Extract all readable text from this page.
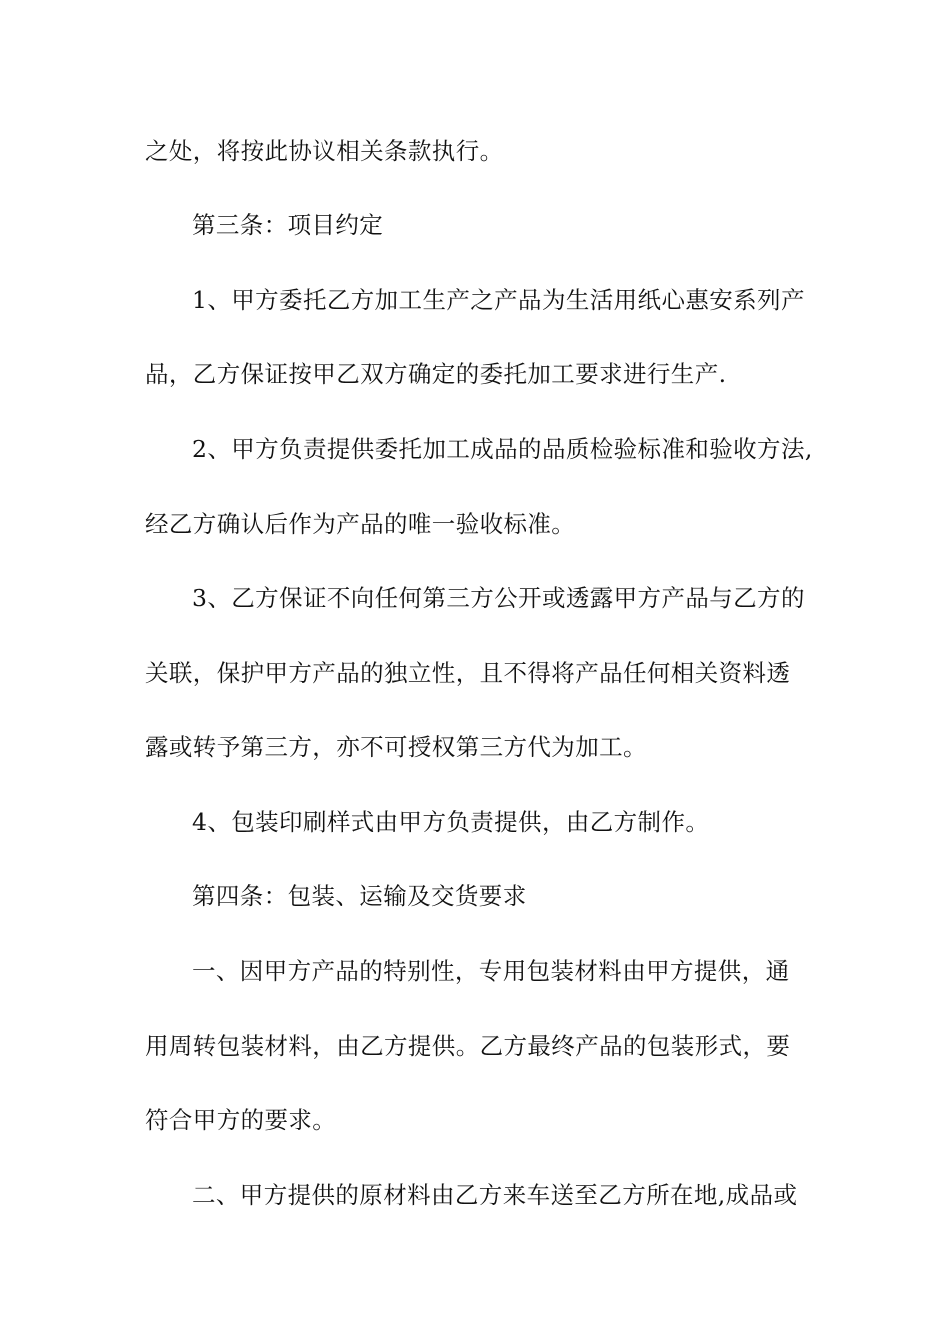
之处，将按此协议相关条款执行。
第三条：项目约定
1、甲方委托乙方加工生产之产品为生活用纸心惠安系列产
品，乙方保证按甲乙双方确定的委托加工要求进行生产.
2、甲方负责提供委托加工成品的品质检验标准和验收方法,
经乙方确认后作为产品的唯一验收标准。
3、乙方保证不向任何第三方公开或透露甲方产品与乙方的
关联，保护甲方产品的独立性，且不得将产品任何相关资料透
露或转予第三方，亦不可授权第三方代为加工。
4、包装印刷样式由甲方负责提供，由乙方制作。
第四条：包装、运输及交货要求
一、因甲方产品的特别性，专用包装材料由甲方提供，通
用周转包装材料，由乙方提供。乙方最终产品的包装形式，要
符合甲方的要求。
二、甲方提供的原材料由乙方来车送至乙方所在地,成品或
